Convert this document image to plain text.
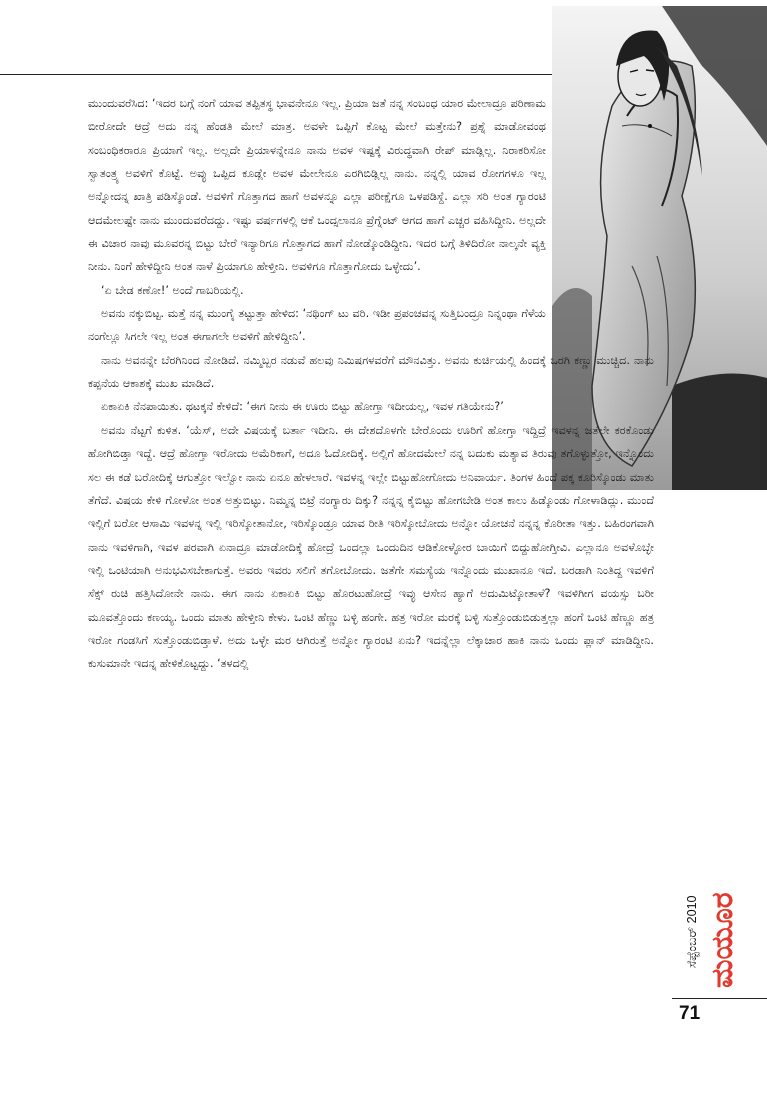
ಮುಂದುವರೆಸಿದ: ‘ಇದರ ಬಗ್ಗೆ ನಂಗೆ ಯಾವ ತಪ್ಪಿತಸ್ಥ ಭಾವನೇನೂ ಇಲ್ಲ. ಪ್ರಿಯಾ ಜತೆ ನನ್ನ ಸಂಬಂಧ ಯಾರ ಮೇಲಾದ್ರೂ ಪರಿಣಾಮ ಬೀರೋದೇ ಆದ್ರೆ ಅದು ನನ್ನ ಹೆಂಡತಿ ಮೇಲೆ ಮಾತ್ರ. ಅವಳೇ ಒಪ್ಪಿಗೆ ಕೊಟ್ಟ ಮೇಲೆ ಮತ್ತೇನು? ಪ್ರಶ್ನೆ ಮಾಡೋವಂಥ ಸಂಬಂಧಿಕರಾರೂ ಪ್ರಿಯಾಗೆ ಇಲ್ಲ. ಅಲ್ಲದೇ ಪ್ರಿಯಾಳನ್ನೇನೂ ನಾನು ಅವಳ ಇಷ್ಟಕ್ಕೆ ವಿರುದ್ಧವಾಗಿ ರೇಪ್ ಮಾಡ್ಲಿಲ್ಲ. ನಿರಾಕರಿಸೋ ಸ್ವಾತಂತ್ರ್ಯ ಅವಳಿಗೆ ಕೊಟ್ಟೆ. ಅವ್ಳು ಒಪ್ಪಿದ ಕೂಡ್ಲೇ ಅವಳ ಮೇಲೇನೂ ಎರಗಿಬಿಡ್ಲಿಲ್ಲ ನಾನು. ನನ್ನಲ್ಲಿ ಯಾವ ರೋಗಗಳೂ ಇಲ್ಲ ಅನ್ನೋದನ್ನ ಖಾತ್ರಿ ಪಡಿಸ್ಕೊಂಡೆ. ಅವಳಿಗೆ ಗೊತ್ತಾಗದ ಹಾಗೆ ಅವಳನ್ನೂ ಎಲ್ಲಾ ಪರೀಕ್ಷೆಗೂ ಒಳಪಡಿಸ್ದೆ. ಎಲ್ಲಾ ಸರಿ ಅಂತ ಗ್ಯಾರಂಟಿ ಆದಮೇಲಷ್ಟೇ ನಾನು ಮುಂದುವರೆದದ್ದು. ಇಷ್ಟು ವರ್ಷಗಳಲ್ಲಿ ಆಕೆ ಒಂದ್ಸಲಾನೂ ಪ್ರೆಗ್ನೆಂಟ್ ಆಗದ ಹಾಗೆ ಎಚ್ಚರ ವಹಿಸಿದ್ದೀನಿ. ಅಲ್ಲದೇ ಈ ವಿಚಾರ ನಾವು ಮೂವರನ್ನ ಬಿಟ್ಟು ಬೇರೆ ಇನ್ಯಾರಿಗೂ ಗೊತ್ತಾಗದ ಹಾಗೆ ನೋಡ್ಕೊಂಡಿದ್ದೀನಿ. ಇದರ ಬಗ್ಗೆ ತಿಳಿದಿರೋ ನಾಲ್ಕನೇ ವ್ಯಕ್ತಿ ನೀನು. ನಿಂಗೆ ಹೇಳಿದ್ದೀನಿ ಅಂತ ನಾಳೆ ಪ್ರಿಯಾಗೂ ಹೇಳ್ತೀನಿ. ಅವಳಿಗೂ ಗೊತ್ತಾಗೋದು ಒಳ್ಳೇದು’.

‘ಏ ಬೇಡ ಕಣೋ!’ ಅಂದೆ ಗಾಬರಿಯಲ್ಲಿ.

ಅವನು ನಕ್ಕುಬಿಟ್ಟ. ಮತ್ತೆ ನನ್ನ ಮುಂಗೈ ತಟ್ಟುತ್ತಾ ಹೇಳಿದ: ‘ನಥಿಂಗ್ ಟು ವರಿ. ಇಡೀ ಪ್ರಪಂಚವನ್ನ ಸುತ್ತಿಬಂದ್ರೂ ನಿನ್ನಂಥಾ ಗೆಳೆಯ ನಂಗೆಲ್ಲೂ ಸಿಗಲೇ ಇಲ್ಲ ಅಂತ ಈಗಾಗಲೇ ಅವಳಿಗೆ ಹೇಳಿದ್ದೀನಿ’.

ನಾನು ಅವನನ್ನೇ ಬೆರಗಿನಿಂದ ನೋಡಿದೆ. ನಮ್ಮಿಬ್ಬರ ನಡುವೆ ಹಲವು ನಿಮಿಷಗಳವರೆಗೆ ಮೌನವಿತ್ತು. ಅವನು ಕುರ್ಚಿಯಲ್ಲಿ ಹಿಂದಕ್ಕೆ ಒರಗಿ ಕಣ್ಣು ಮುಚ್ಚಿದ. ನಾನು ಕಪ್ಪನೆಯ ಆಕಾಶಕ್ಕೆ ಮುಖ ಮಾಡಿದೆ.

ಏಕಾಏಕಿ ನೆನಪಾಯಿತು. ಥಟಕ್ಕನೆ ಕೇಳಿದೆ: ‘ಈಗ ನೀನು ಈ ಊರು ಬಿಟ್ಟು ಹೋಗ್ತಾ ಇದೀಯಲ್ಲ, ಇವಳ ಗತಿಯೇನು?’

ಅವನು ನೆಟ್ಟಗೆ ಕುಳಿತ. ‘ಯೆಸ್, ಅದೇ ವಿಷಯಕ್ಕೆ ಬರ್ತಾ ಇದೀನಿ. ಈ ದೇಶದೊಳಗೇ ಬೇರೊಂದು ಊರಿಗೆ ಹೋಗ್ತಾ ಇದ್ದಿದ್ರೆ ಇವಳನ್ನ ಜತೆಲೇ ಕರಕೊಂಡು ಹೋಗಿಬಿಡ್ತಾ ಇದ್ದೆ. ಆದ್ರೆ ಹೋಗ್ತಾ ಇರೋದು ಅಮೆರಿಕಾಗೆ, ಅದೂ ಓದೋದಿಕ್ಕೆ. ಅಲ್ಲಿಗೆ ಹೋದಮೇಲೆ ನನ್ನ ಬದುಕು ಮತ್ಯಾವ ತಿರುವು ತಗೊಳ್ಳುತ್ತೋ, ಇನ್ನೊಂದು ಸಲ ಈ ಕಡೆ ಬರೋದಿಕ್ಕೆ ಆಗುತ್ತೋ ಇಲ್ವೋ ನಾನು ಏನೂ ಹೇಳಲಾರೆ. ಇವಳನ್ನ ಇಲ್ಲೇ ಬಿಟ್ಟುಹೋಗೋದು ಅನಿವಾರ್ಯ. ತಿಂಗಳ ಹಿಂದೆ ಪಕ್ಕ ಕೂರಿಸ್ಕೊಂಡು ಮಾತು ತೆಗೆದೆ. ವಿಷಯ ಕೇಳಿ ಗೋಳೋ ಅಂತ ಅತ್ತುಬಿಟ್ಳು. ನಿಮ್ಮನ್ನ ಬಿಟ್ರೆ ನಂಗ್ಯಾರು ದಿಕ್ಕು? ನನ್ನನ್ನ ಕೈಬಿಟ್ಟು ಹೋಗಬೇಡಿ ಅಂತ ಕಾಲು ಹಿಡ್ಕೊಂಡು ಗೋಳಾಡಿದ್ಲು. ಮುಂದೆ ಇಲ್ಲಿಗೆ ಬರೋ ಆಸಾಮಿ ಇವಳನ್ನ ಇಲ್ಲಿ ಇರಿಸ್ಕೋತಾನೋ, ಇರಿಸ್ಕೊಂಡ್ರೂ ಯಾವ ರೀತಿ ಇರಿಸ್ಕೋಬೋದು ಅನ್ನೋ ಯೋಚನೆ ನನ್ನನ್ನ ಕೊರೀತಾ ಇತ್ತು. ಬಹಿರಂಗವಾಗಿ ನಾನು ಇವಳಿಗಾಗಿ, ಇವಳ ಪರವಾಗಿ ಏನಾದ್ರೂ ಮಾಡೋದಿಕ್ಕೆ ಹೋದ್ರೆ ಒಂದಲ್ಲಾ ಒಂದುದಿನ ಆಡಿಕೋಳ್ಳೋರ ಬಾಯಿಗೆ ಬಿದ್ದುಹೋಗ್ತೀವಿ. ಎಲ್ಲಾನೂ ಅವಳೊಬ್ಳೇ ಇಲ್ಲಿ ಒಂಟಿಯಾಗಿ ಅನುಭವಿಸಬೇಕಾಗುತ್ತೆ. ಅವರು ಇವರು ಸಲಿಗೆ ತಗೋಬೋದು. ಜತೆಗೇ ಸಮಸ್ಯೆಯ ಇನ್ನೊಂದು ಮುಖಾನೂ ಇದೆ. ಬರಡಾಗಿ ನಿಂತಿದ್ದ ಇವಳಿಗೆ ಸೆಕ್ಸ್ ರುಚಿ ಹತ್ತಿಸಿದೋನೇ ನಾನು. ಈಗ ನಾನು ಏಕಾಏಕಿ ಬಿಟ್ಟು ಹೊರಟುಹೋದ್ರೆ ಇವ್ಳು ಆಸೇನ ಹ್ಯಾಗೆ ಅದುಮಿಟ್ಕೋತಾಳೆ? ಇವಳಿಗೀಗ ವಯಸ್ಸು ಬರೀ ಮೂವತ್ತೊಂದು ಕಣಯ್ಯ. ಒಂದು ಮಾತು ಹೇಳ್ತೀನಿ ಕೇಳು. ಒಂಟಿ ಹೆಣ್ಣು ಬಳ್ಳಿ ಹಂಗೇ. ಹತ್ರ ಇರೋ ಮರಕ್ಕೆ ಬಳ್ಳಿ ಸುತ್ತೊಂಡುಬಿಡುತ್ತಲ್ಲಾ ಹಂಗೆ ಒಂಟಿ ಹೆಣ್ಣೂ ಹತ್ರ ಇರೋ ಗಂಡಸಿಗೆ ಸುತ್ತೊಂಡುಬಿಡ್ತಾಳೆ. ಅದು ಒಳ್ಳೇ ಮರ ಆಗಿರುತ್ತೆ ಅನ್ನೋ ಗ್ಯಾರಂಟಿ ಏನು? ಇದನ್ನೆಲ್ಲಾ ಲೆಕ್ಕಾಚಾರ ಹಾಕಿ ನಾನು ಒಂದು ಪ್ಲಾನ್ ಮಾಡಿದ್ದೀನಿ. ಕುಸುಮಾನೇ ಇದನ್ನ ಹೇಳಿಕೊಟ್ಟದ್ದು. ‘ತಳದಲ್ಲಿ

ಸೆಪ್ಟೆಂಬರ್ 2010 ಮಯೂರ
71
